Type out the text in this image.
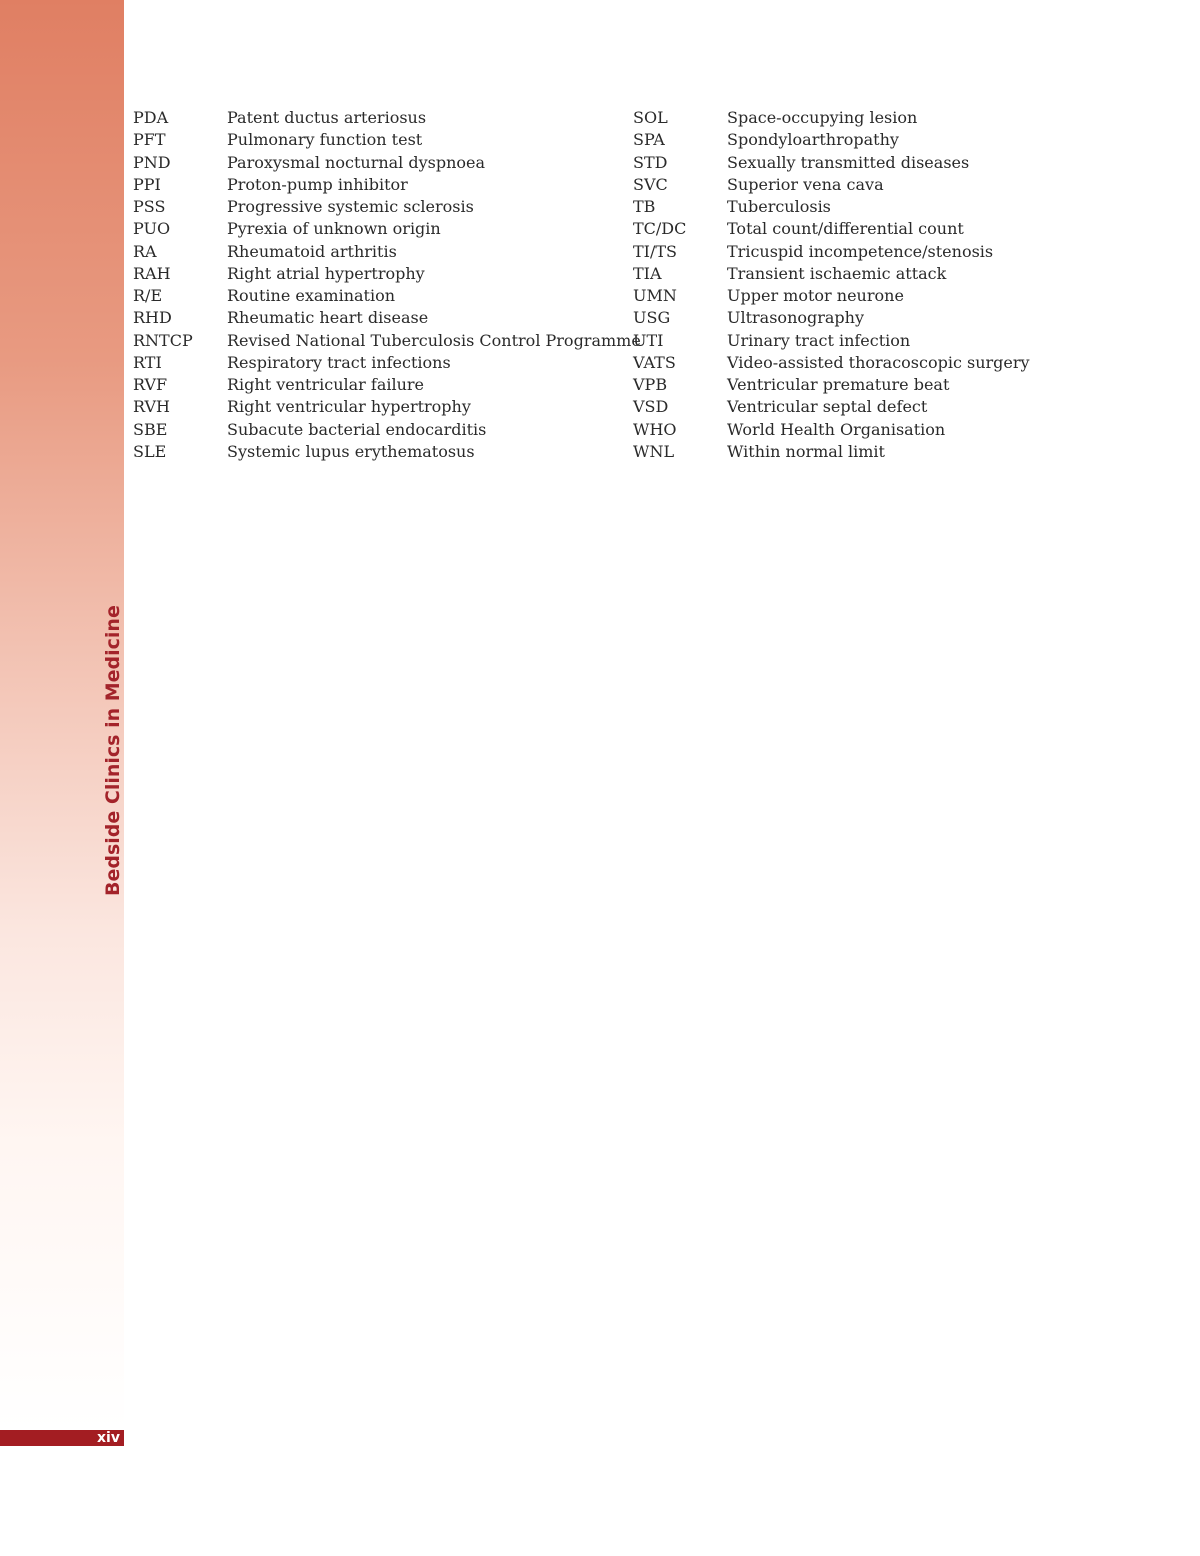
Bedside Clinics in Medicine
xiv
PDA	Patent ductus arteriosus
PFT	Pulmonary function test
PND	Paroxysmal nocturnal dyspnoea
PPI	Proton-pump inhibitor
PSS	Progressive systemic sclerosis
PUO	Pyrexia of unknown origin
RA	Rheumatoid arthritis
RAH	Right atrial hypertrophy
R/E	Routine examination
RHD	Rheumatic heart disease
RNTCP	Revised National Tuberculosis Control Programme
RTI	Respiratory tract infections
RVF	Right ventricular failure
RVH	Right ventricular hypertrophy
SBE	Subacute bacterial endocarditis
SLE	Systemic lupus erythematosus
SOL	Space-occupying lesion
SPA	Spondyloarthropathy
STD	Sexually transmitted diseases
SVC	Superior vena cava
TB	Tuberculosis
TC/DC	Total count/differential count
TI/TS	Tricuspid incompetence/stenosis
TIA	Transient ischaemic attack
UMN	Upper motor neurone
USG	Ultrasonography
UTI	Urinary tract infection
VATS	Video-assisted thoracoscopic surgery
VPB	Ventricular premature beat
VSD	Ventricular septal defect
WHO	World Health Organisation
WNL	Within normal limit
